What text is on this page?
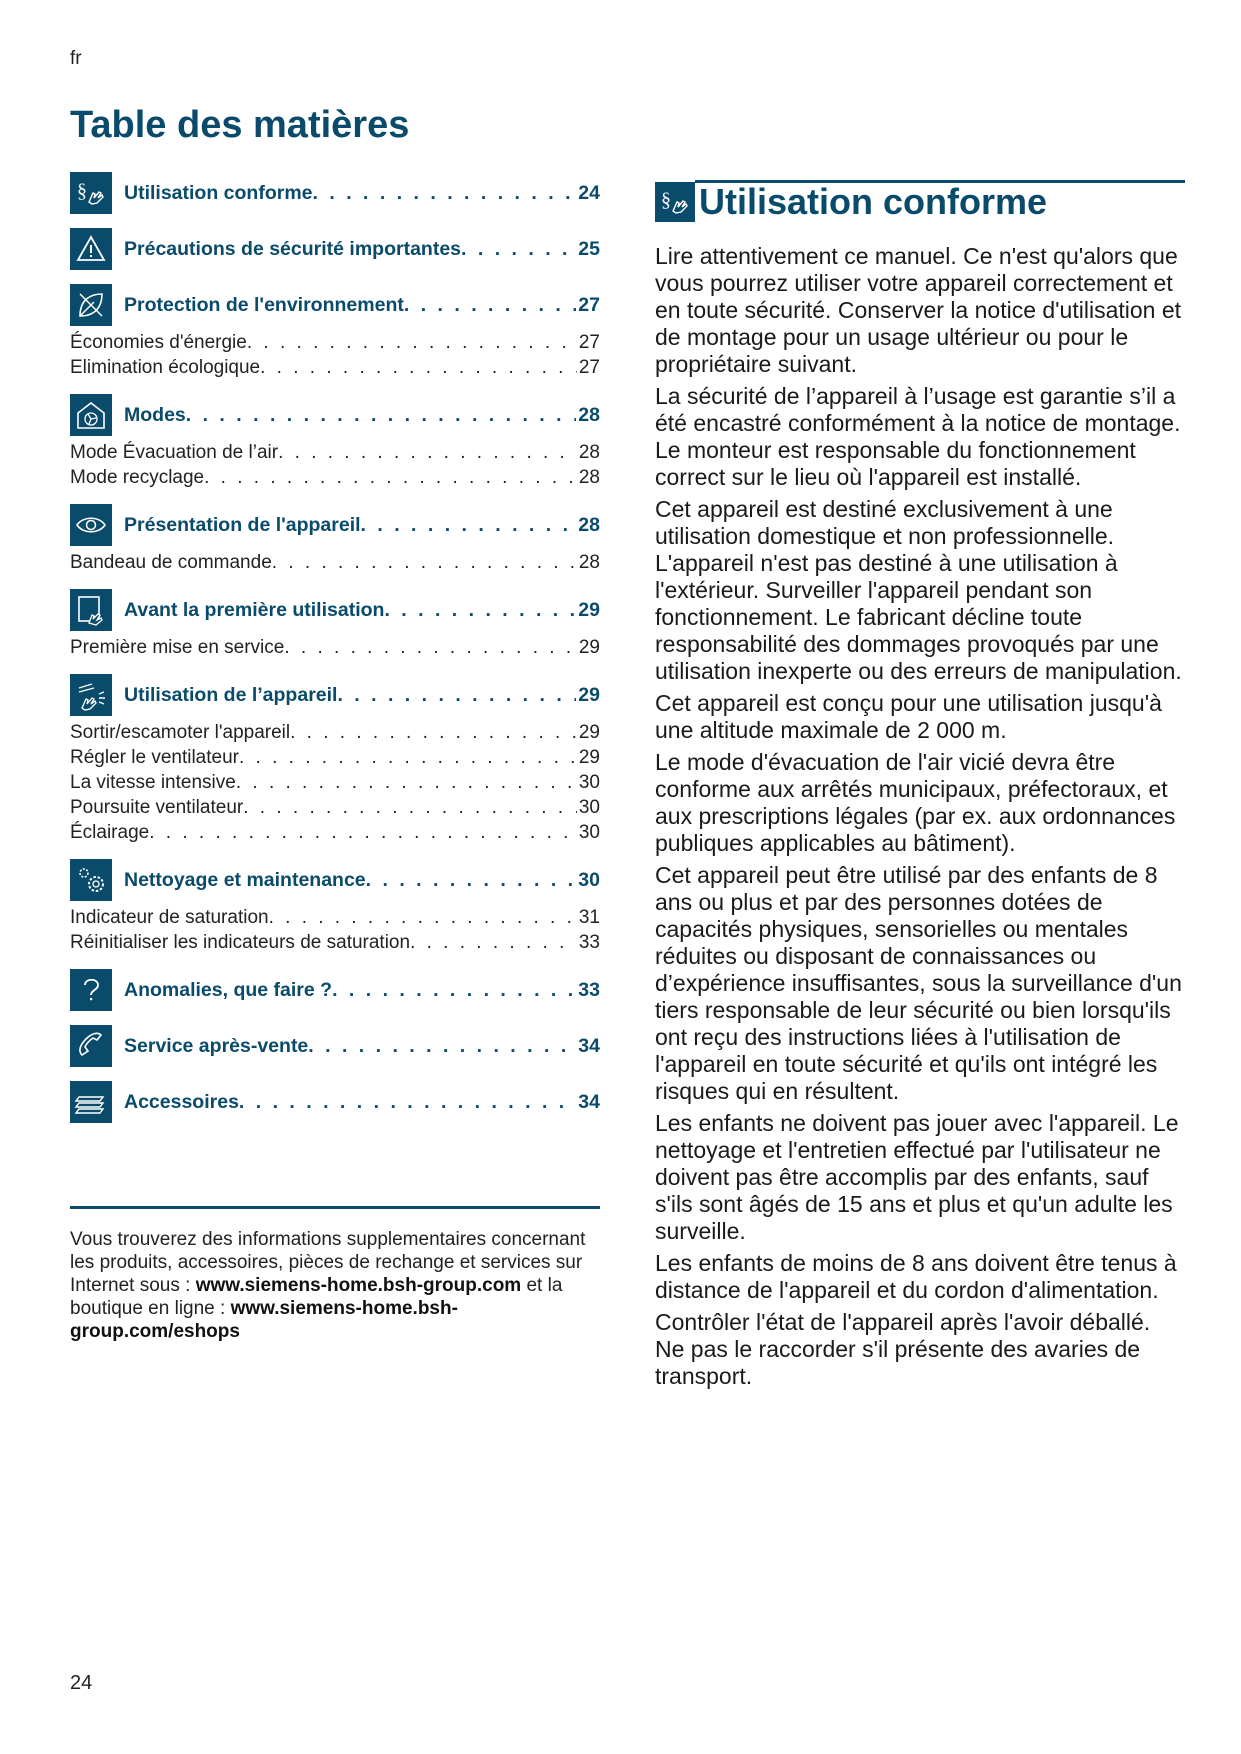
fr
Table des matières
§ Utilisation conforme . . .	24
Précautions de sécurité importantes . . .	25
Protection de l'environnement . . .	27
Économies d'énergie . . .	27
Elimination écologique . . .	27
Modes . . .	28
Mode Évacuation de l’air . . .	28
Mode recyclage . . .	28
Présentation de l'appareil . . .	28
Bandeau de commande . . .	28
Avant la première utilisation . . .	29
Première mise en service . . .	29
Utilisation de l’appareil . . .	29
Sortir/escamoter l'appareil . . .	29
Régler le ventilateur . . .	29
La vitesse intensive . . .	30
Poursuite ventilateur . . .	30
Éclairage . . .	30
Nettoyage et maintenance . . .	30
Indicateur de saturation . . .	31
Réinitialiser les indicateurs de saturation . . .	33
Anomalies, que faire ? . . .	33
Service après-vente . . .	34
Accessoires . . .	34
Vous trouverez des informations supplementaires concernant les produits, accessoires, pièces de rechange et services sur Internet sous : www.siemens-home.bsh-group.com et la boutique en ligne : www.siemens-home.bsh-group.com/eshops
§ Utilisation conforme

Lire attentivement ce manuel. Ce n'est qu'alors que vous pourrez utiliser votre appareil correctement et en toute sécurité. Conserver la notice d'utilisation et de montage pour un usage ultérieur ou pour le propriétaire suivant.

La sécurité de l’appareil à l’usage est garantie s’il a été encastré conformément à la notice de montage. Le monteur est responsable du fonctionnement correct sur le lieu où l'appareil est installé.

Cet appareil est destiné exclusivement à une utilisation domestique et non professionnelle. L'appareil n'est pas destiné à une utilisation à l'extérieur. Surveiller l'appareil pendant son fonctionnement. Le fabricant décline toute responsabilité des dommages provoqués par une utilisation inexperte ou des erreurs de manipulation.

Cet appareil est conçu pour une utilisation jusqu'à une altitude maximale de 2 000 m.

Le mode d'évacuation de l'air vicié devra être conforme aux arrêtés municipaux, préfectoraux, et aux prescriptions légales (par ex. aux ordonnances publiques applicables au bâtiment).

Cet appareil peut être utilisé par des enfants de 8 ans ou plus et par des personnes dotées de capacités physiques, sensorielles ou mentales réduites ou disposant de connaissances ou d’expérience insuffisantes, sous la surveillance d'un tiers responsable de leur sécurité ou bien lorsqu'ils ont reçu des instructions liées à l'utilisation de l'appareil en toute sécurité et qu'ils ont intégré les risques qui en résultent.

Les enfants ne doivent pas jouer avec l'appareil. Le nettoyage et l'entretien effectué par l'utilisateur ne doivent pas être accomplis par des enfants, sauf s'ils sont âgés de 15 ans et plus et qu'un adulte les surveille.

Les enfants de moins de 8 ans doivent être tenus à distance de l'appareil et du cordon d'alimentation.

Contrôler l'état de l'appareil après l'avoir déballé. Ne pas le raccorder s'il présente des avaries de transport.

24
